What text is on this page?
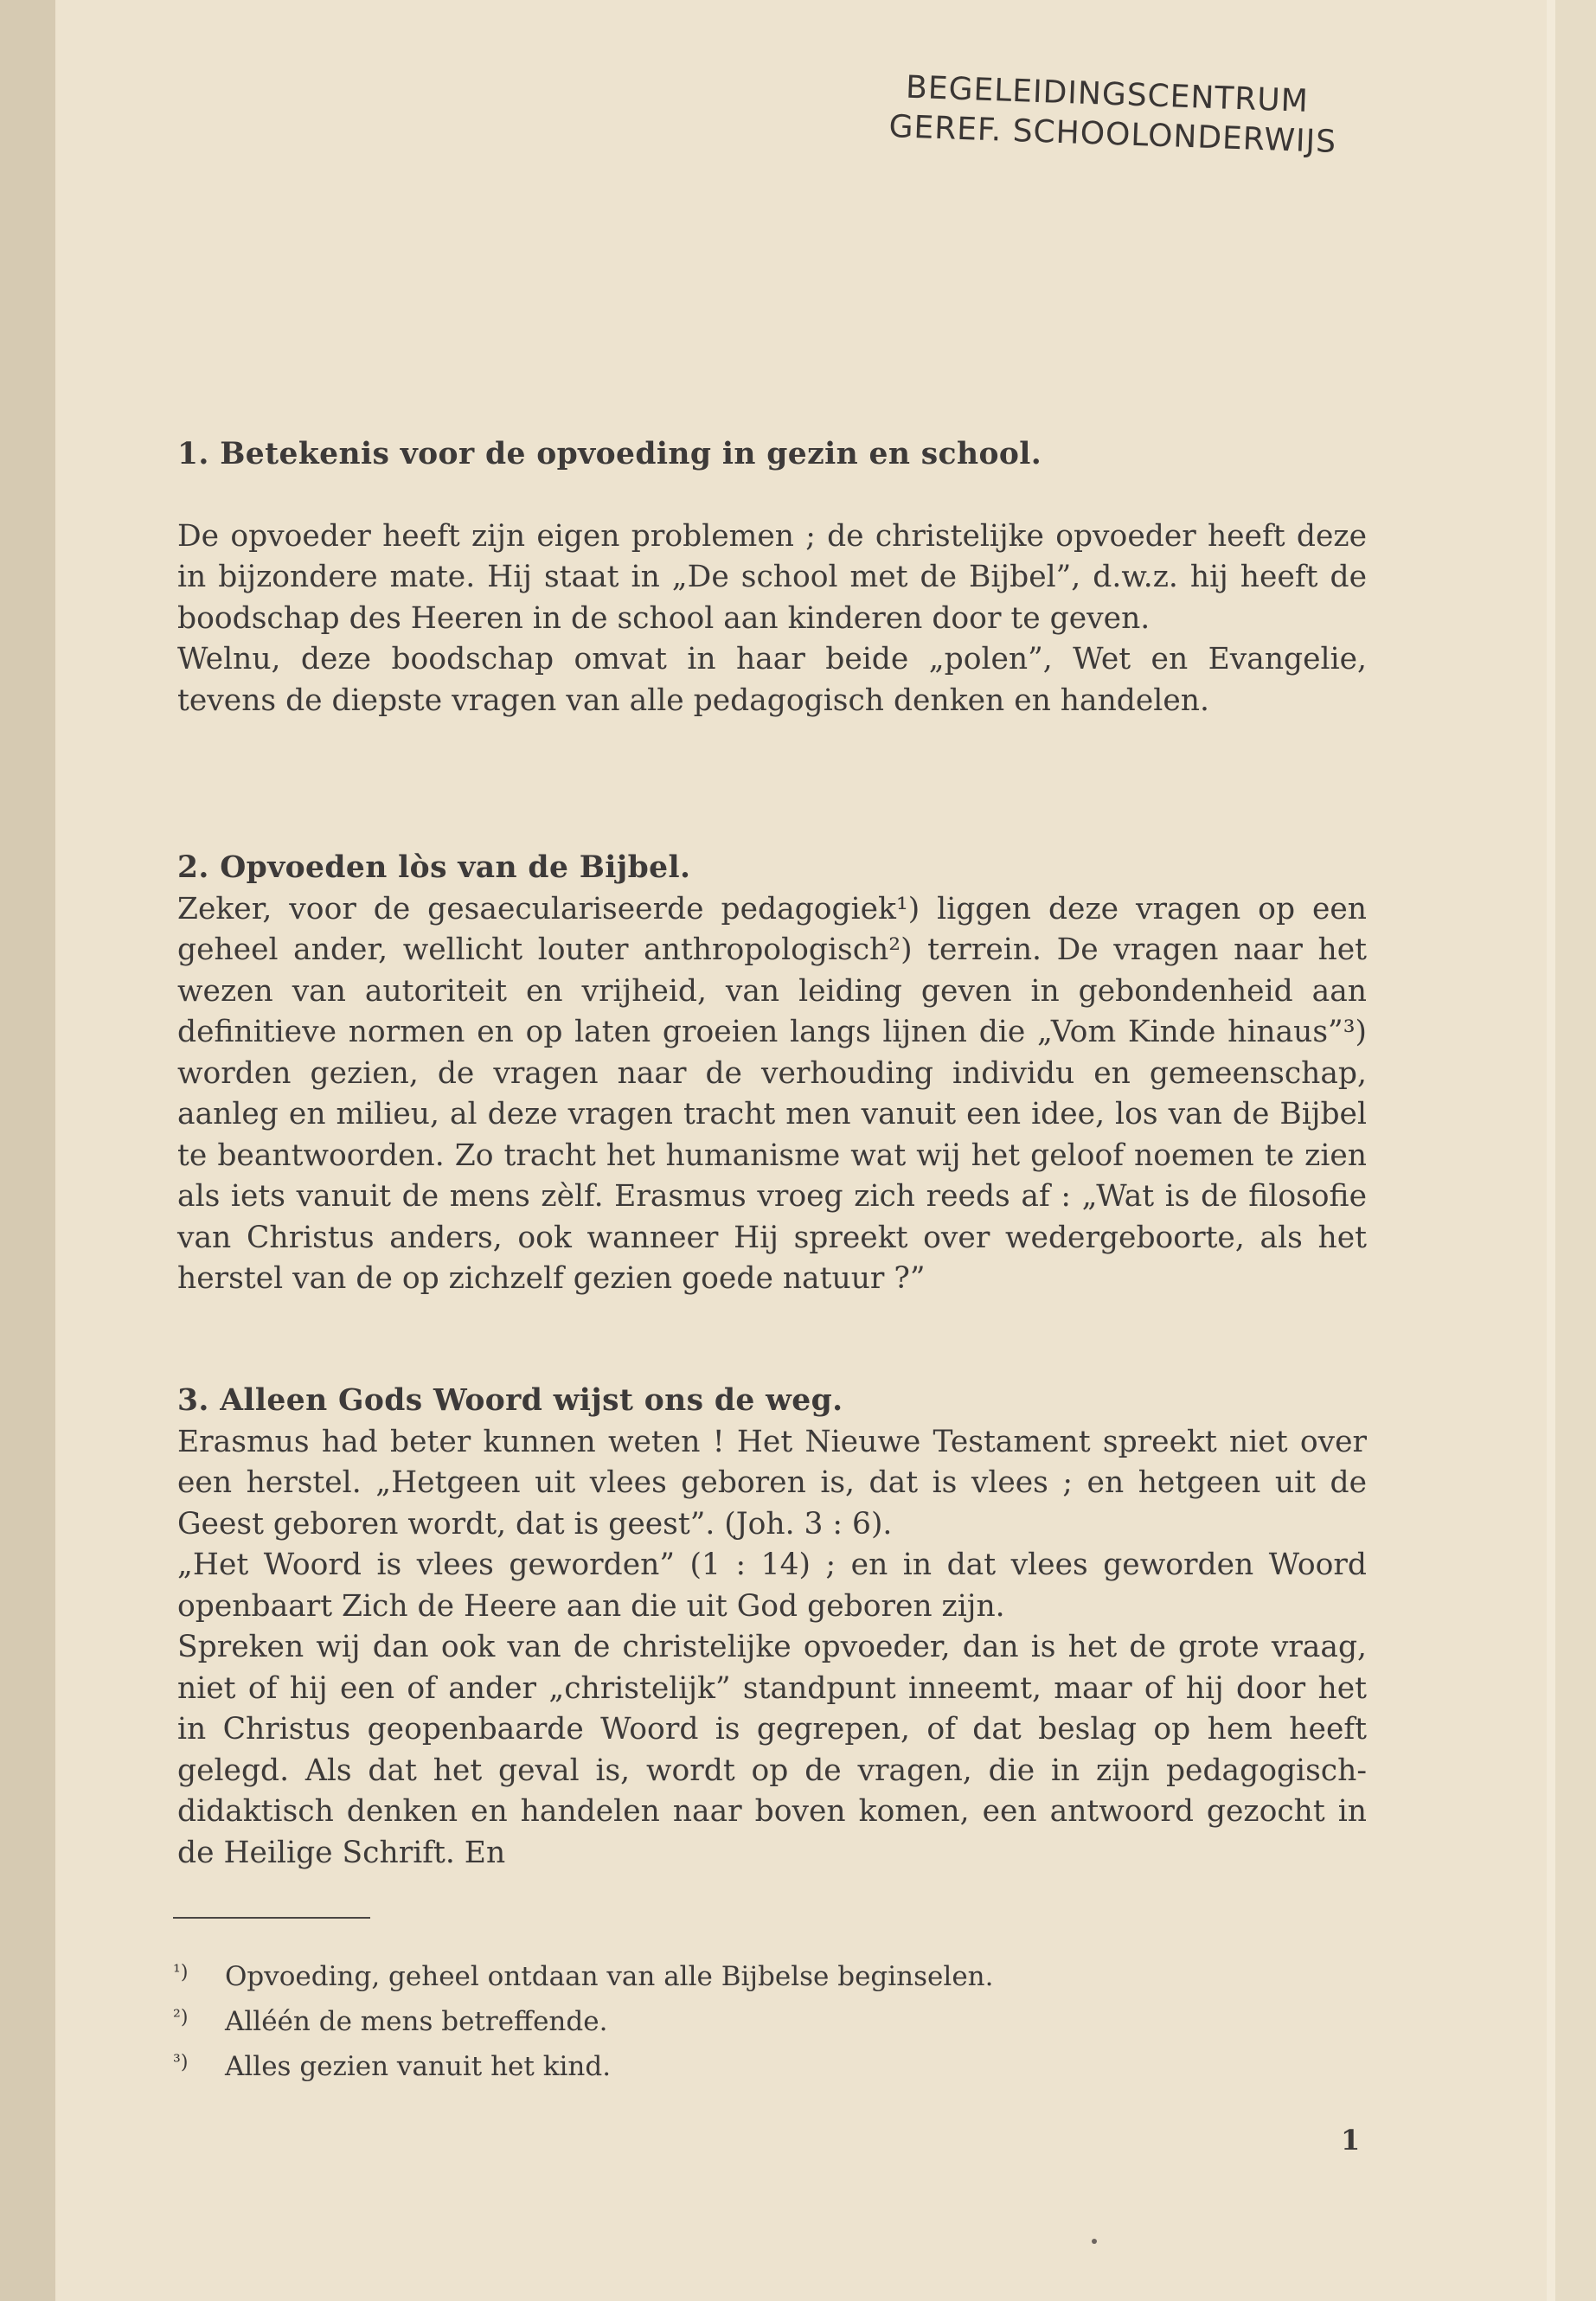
BEGELEIDINGSCENTRUM
GEREF. SCHOOLONDERWIJS
1. Betekenis voor de opvoeding in gezin en school.

De opvoeder heeft zijn eigen problemen ; de christelijke opvoeder heeft deze in bijzondere mate. Hij staat in „De school met de Bijbel”, d.w.z. hij heeft de boodschap des Heeren in de school aan kinderen door te geven.

Welnu, deze boodschap omvat in haar beide „polen”, Wet en Evangelie, tevens de diepste vragen van alle pedagogisch denken en handelen.

2. Opvoeden lòs van de Bijbel.

Zeker, voor de gesaeculariseerde pedagogiek¹) liggen deze vragen op een geheel ander, wellicht louter anthropologisch²) terrein. De vragen naar het wezen van autoriteit en vrijheid, van leiding geven in gebondenheid aan definitieve normen en op laten groeien langs lijnen die „Vom Kinde hinaus”³) worden gezien, de vragen naar de verhouding individu en gemeenschap, aanleg en milieu, al deze vragen tracht men vanuit een idee, los van de Bijbel te beantwoorden. Zo tracht het humanisme wat wij het geloof noemen te zien als iets vanuit de mens zèlf. Erasmus vroeg zich reeds af : „Wat is de filosofie van Christus anders, ook wanneer Hij spreekt over wedergeboorte, als het herstel van de op zichzelf gezien goede natuur ?”

3. Alleen Gods Woord wijst ons de weg.

Erasmus had beter kunnen weten ! Het Nieuwe Testament spreekt niet over een herstel. „Hetgeen uit vlees geboren is, dat is vlees ; en hetgeen uit de Geest geboren wordt, dat is geest”. (Joh. 3 : 6).

„Het Woord is vlees geworden” (1 : 14) ; en in dat vlees geworden Woord openbaart Zich de Heere aan die uit God geboren zijn.

Spreken wij dan ook van de christelijke opvoeder, dan is het de grote vraag, niet of hij een of ander „christelijk” standpunt inneemt, maar of hij door het in Christus geopenbaarde Woord is gegrepen, of dat beslag op hem heeft gelegd. Als dat het geval is, wordt op de vragen, die in zijn pedagogisch-didaktisch denken en handelen naar boven komen, een antwoord gezocht in de Heilige Schrift. En

¹) Opvoeding, geheel ontdaan van alle Bijbelse beginselen.
²) Alléén de mens betreffende.
³) Alles gezien vanuit het kind.
1
